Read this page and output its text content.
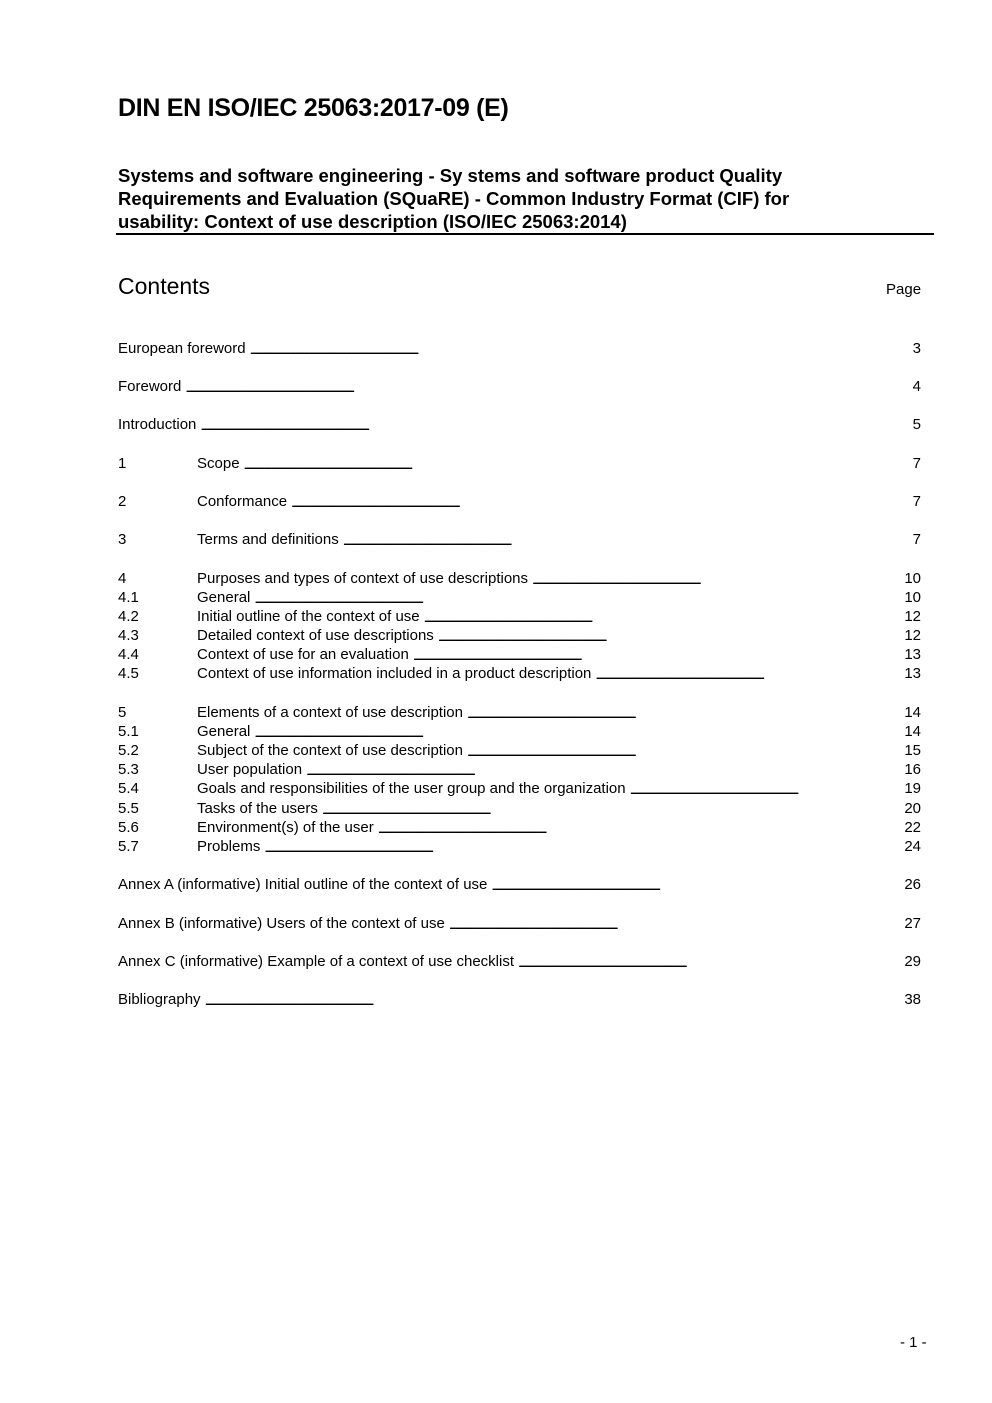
DIN EN ISO/IEC 25063:2017-09 (E)
Systems and software engineering - Sy stems and software product Quality
Requirements and Evaluation (SQuaRE) - Common Industry Format (CIF) for
usability: Context of use description (ISO/IEC 25063:2014)
Contents	Page
European foreword . . .	3
Foreword . . .	4
Introduction . . .	5
1	Scope . . .	7
2	Conformance . . .	7
3	Terms and definitions . . .	7
4	Purposes and types of context of use descriptions . . .	10
4.1	General . . .	10
4.2	Initial outline of the context of use . . .	12
4.3	Detailed context of use descriptions . . .	12
4.4	Context of use for an evaluation . . .	13
4.5	Context of use information included in a product description . . .	13
5	Elements of a context of use description . . .	14
5.1	General . . .	14
5.2	Subject of the context of use description . . .	15
5.3	User population . . .	16
5.4	Goals and responsibilities of the user group and the organization . . .	19
5.5	Tasks of the users . . .	20
5.6	Environment(s) of the user . . .	22
5.7	Problems . . .	24
Annex A (informative) Initial outline of the context of use . . .	26
Annex B (informative) Users of the context of use . . .	27
Annex C (informative) Example of a context of use checklist . . .	29
Bibliography . . .	38
- 1 -
